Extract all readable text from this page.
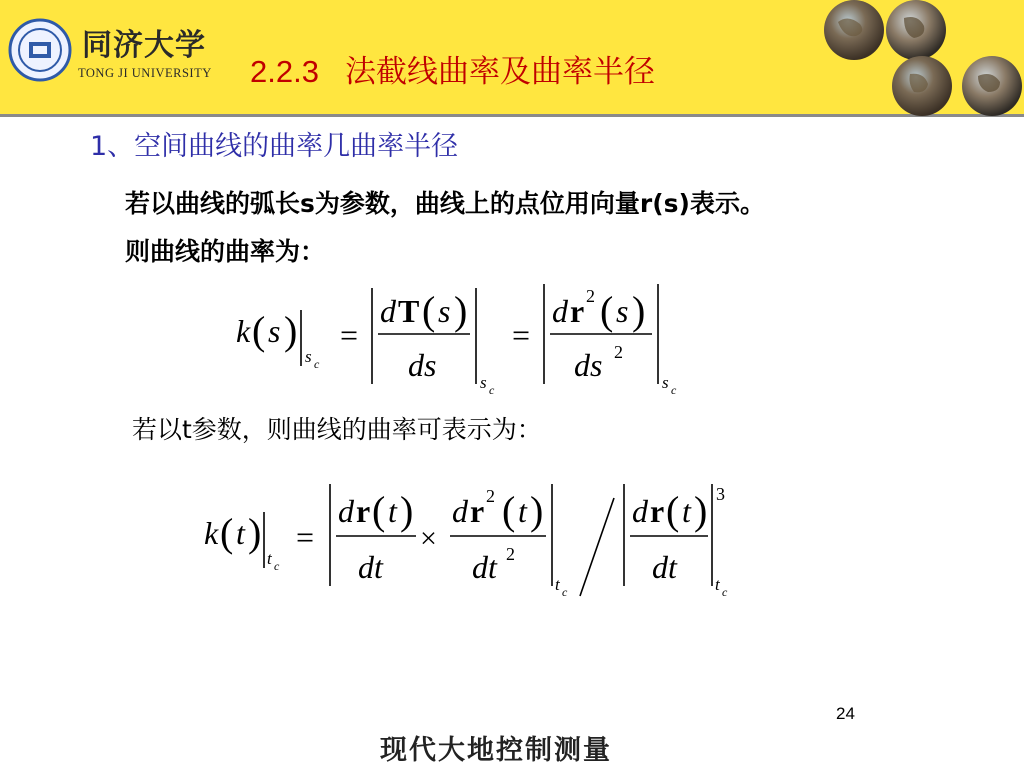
同济大学
TONG JI UNIVERSITY 2.2.3 法截线曲率及曲率半径
1、空间曲线的曲率几曲率半径
若以曲线的弧长s为参数，曲线上的点位用向量r(s)表示。
则曲线的曲率为：
k ( s )
s c
=
d T ( s )
ds	s c
=
d r 2 ( s )
ds 2
s c
若以t参数，则曲线的曲率可表示为：
k ( t )
t c
=
d r ( t )
dt
×
d r 2 ( t )
dt 2
t c
d r ( t )
dt
3
t c
24
现代大地控制测量
